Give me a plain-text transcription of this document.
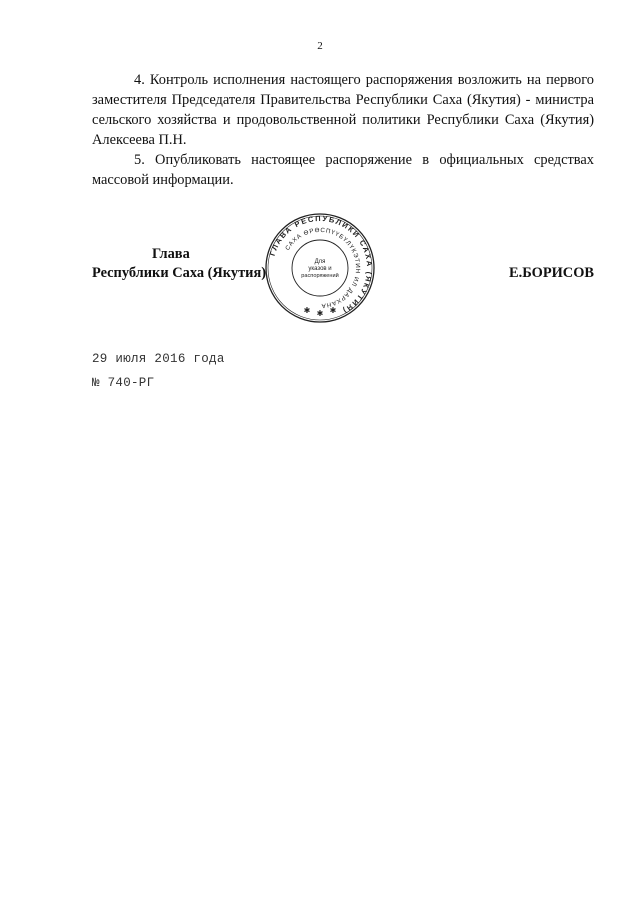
2

4. Контроль исполнения настоящего распоряжения возложить на первого заместителя Председателя Правительства Республики Саха (Якутия) - министра сельского хозяйства и продовольственной политики Республики Саха (Якутия) Алексеева П.Н.

5. Опубликовать настоящее распоряжение в официальных средствах массовой информации.

Глава
Республики Саха (Якутия)	Е.БОРИСОВ
ГЛАВА РЕСПУБЛИКИ САХА (ЯКУТИЯ)
САХА ӨРӨСПҮҮБҮЛҮКЭТИН ИЛ ДАРХАНА
Для
указов и
распоряжений
✱ ✱ ✱
29 июля 2016 года
№ 740-РГ
